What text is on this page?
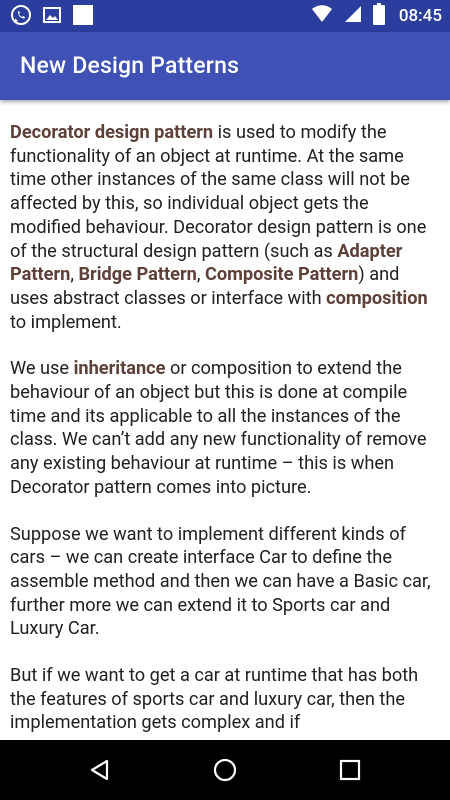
08:45
New Design Patterns

Decorator design pattern is used to modify the functionality of an object at runtime. At the same time other instances of the same class will not be affected by this, so individual object gets the modified behaviour. Decorator design pattern is one of the structural design pattern (such as Adapter Pattern, Bridge Pattern, Composite Pattern) and uses abstract classes or interface with composition to implement.

We use inheritance or composition to extend the behaviour of an object but this is done at compile time and its applicable to all the instances of the class. We can’t add any new functionality of remove any existing behaviour at runtime – this is when Decorator pattern comes into picture.

Suppose we want to implement different kinds of cars – we can create interface Car to define the assemble method and then we can have a Basic car, further more we can extend it to Sports car and Luxury Car.

But if we want to get a car at runtime that has both the features of sports car and luxury car, then the implementation gets complex and if
